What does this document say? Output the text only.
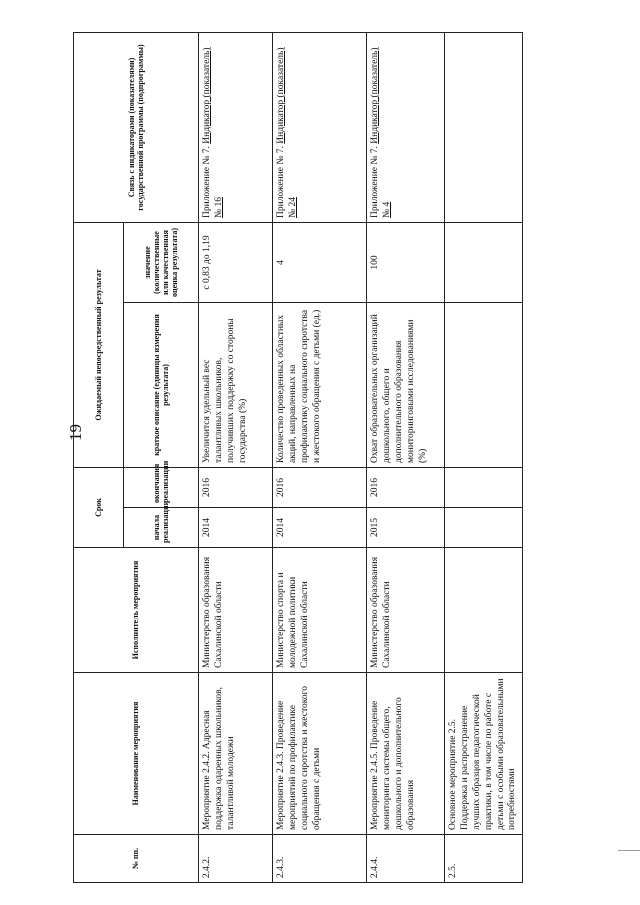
19
№ пп.	Наименование мероприятия	Исполнитель мероприятия	Срок		Ожидаемый непосредственный результат		Связь с индикаторами (показателями) государственной программы (подпрограммы)
			начала реализации	окончания реализации	краткое описание (единицы измерения результата)	значение (количественные или качественная оценка результата)	
2.4.2.	Мероприятие 2.4.2. Адресная поддержка одаренных школьников, талантливой молодежи	Министерство образования Сахалинской области	2014	2016	Увеличится удельный вес талантливых школьников, получивших поддержку со стороны государства (%)	с 0,83 до 1,19	Приложение № 7. Индикатор (показатель) № 16
2.4.3.	Мероприятие 2.4.3. Проведение мероприятий по профилактике социального сиротства и жестокого обращения с детьми	Министерство спорта и молодежной политики Сахалинской области	2014	2016	Количество проведенных областных акций, направленных на профилактику социального сиротства и жестокого обращения с детьми (ед.)	4	Приложение № 7. Индикатор (показатель) № 24
2.4.4.	Мероприятие 2.4.5. Проведение мониторинга системы общего, дошкольного и дополнительного образования	Министерство образования Сахалинской области	2015	2016	Охват образовательных организаций дошкольного, общего и дополнительного образования мониторинговыми исследованиями (%)	100	Приложение № 7. Индикатор (показатель) № 4
2.5.	Основное мероприятие 2.5. Поддержка и распространение лучших образцов педагогической практики, в том числе по работе с детьми с особыми образовательными потребностями						
